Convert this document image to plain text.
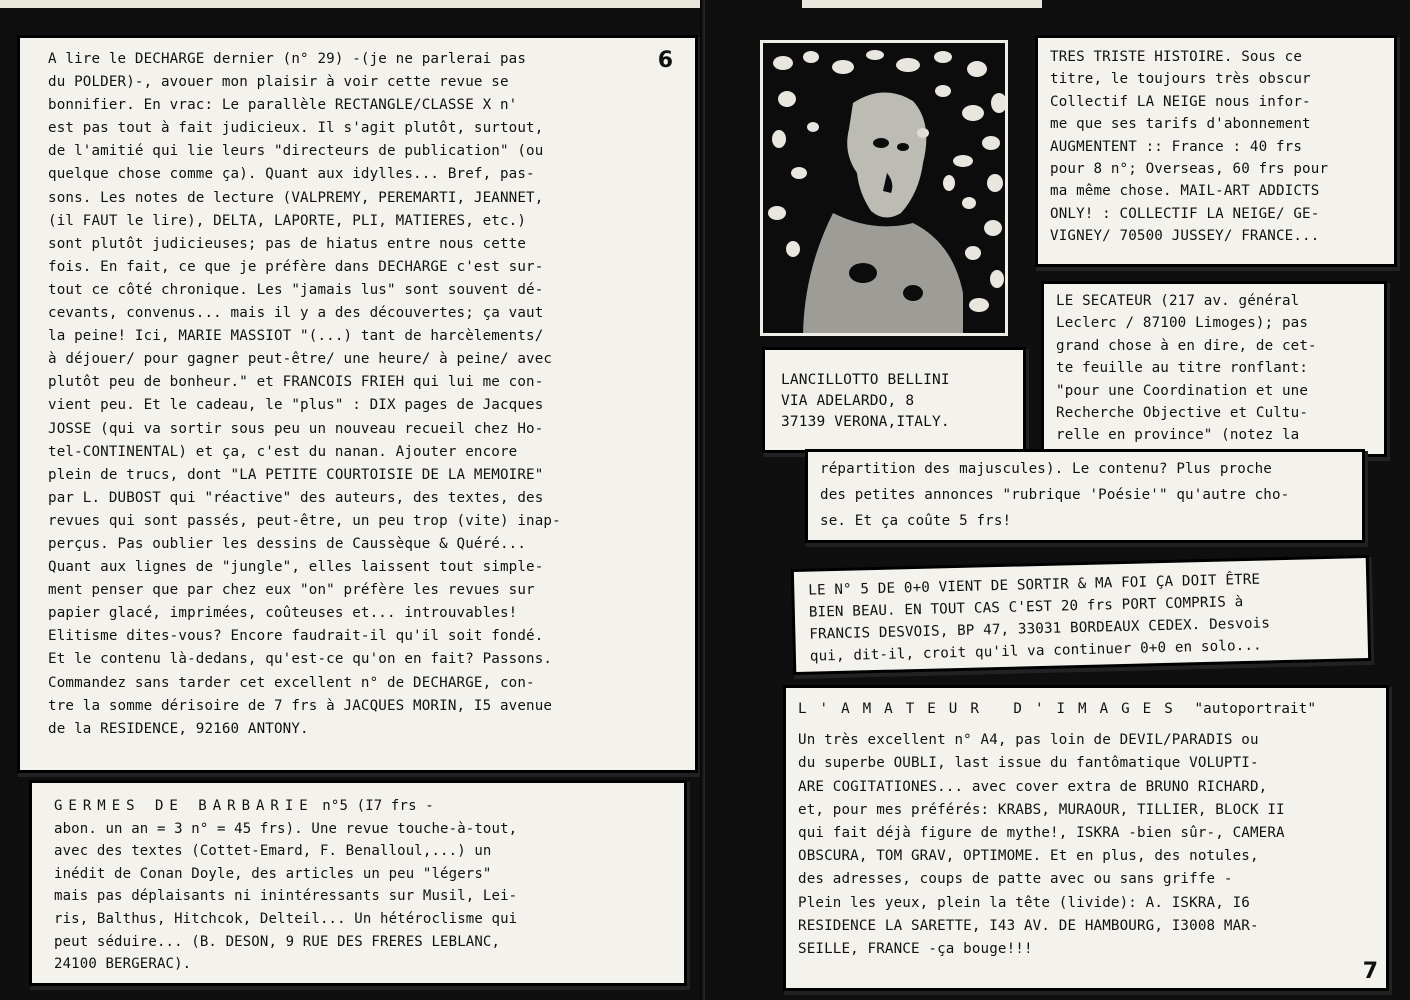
6
A lire le DECHARGE dernier (n° 29) -(je ne parlerai pas
du POLDER)-, avouer mon plaisir à voir cette revue se
bonnifier. En vrac: Le parallèle RECTANGLE/CLASSE X n'
est pas tout à fait judicieux. Il s'agit plutôt, surtout,
de l'amitié qui lie leurs "directeurs de publication" (ou
quelque chose comme ça). Quant aux idylles... Bref, pas-
sons. Les notes de lecture (VALPREMY, PEREMARTI, JEANNET,
(il FAUT le lire), DELTA, LAPORTE, PLI, MATIERES, etc.)
sont plutôt judicieuses; pas de hiatus entre nous cette
fois. En fait, ce que je préfère dans DECHARGE c'est sur-
tout ce côté chronique. Les "jamais lus" sont souvent dé-
cevants, convenus... mais il y a des découvertes; ça vaut
la peine! Ici, MARIE MASSIOT "(...) tant de harcèlements/
à déjouer/ pour gagner peut-être/ une heure/ à peine/ avec
plutôt peu de bonheur." et FRANCOIS FRIEH qui lui me con-
vient peu. Et le cadeau, le "plus" : DIX pages de Jacques
JOSSE (qui va sortir sous peu un nouveau recueil chez Ho-
tel-CONTINENTAL) et ça, c'est du nanan. Ajouter encore
plein de trucs, dont "LA PETITE COURTOISIE DE LA MEMOIRE"
par L. DUBOST qui "réactive" des auteurs, des textes, des
revues qui sont passés, peut-être, un peu trop (vite) inap-
perçus. Pas oublier les dessins de Caussèque & Quéré...
Quant aux lignes de "jungle", elles laissent tout simple-
ment penser que par chez eux "on" préfère les revues sur
papier glacé, imprimées, coûteuses et... introuvables!
Elitisme dites-vous? Encore faudrait-il qu'il soit fondé.
Et le contenu là-dedans, qu'est-ce qu'on en fait? Passons.
Commandez sans tarder cet excellent n° de DECHARGE, con-
tre la somme dérisoire de 7 frs à JACQUES MORIN, I5 avenue
de la RESIDENCE, 92160 ANTONY.
GERMES DE BARBARIE n°5 (I7 frs -
abon. un an = 3 n° = 45 frs). Une revue touche-à-tout,
avec des textes (Cottet-Emard, F. Benalloul,...) un
inédit de Conan Doyle, des articles un peu "légers"
mais pas déplaisants ni inintéressants sur Musil, Lei-
ris, Balthus, Hitchcok, Delteil... Un hétéroclisme qui
peut séduire... (B. DESON, 9 RUE DES FRERES LEBLANC,
24100 BERGERAC).
LANCILLOTTO BELLINI
VIA ADELARDO, 8
37139 VERONA,ITALY.
TRES TRISTE HISTOIRE. Sous ce
titre, le toujours très obscur
Collectif LA NEIGE nous infor-
me que ses tarifs d'abonnement
AUGMENTENT :: France : 40 frs
pour 8 n°; Overseas, 60 frs pour
ma même chose. MAIL-ART ADDICTS
ONLY! : COLLECTIF LA NEIGE/ GE-
VIGNEY/ 70500 JUSSEY/ FRANCE...
LE SECATEUR (217 av. général
Leclerc / 87100 Limoges); pas
grand chose à en dire, de cet-
te feuille au titre ronflant:
"pour une Coordination et une
Recherche Objective et Cultu-
relle en province" (notez la
répartition des majuscules). Le contenu? Plus proche
des petites annonces "rubrique 'Poésie'" qu'autre cho-
se. Et ça coûte 5 frs!
LE N° 5 DE 0+0 VIENT DE SORTIR & MA FOI ÇA DOIT ÊTRE
BIEN BEAU. EN TOUT CAS C'EST 20 frs PORT COMPRIS à
FRANCIS DESVOIS, BP 47, 33031 BORDEAUX CEDEX. Desvois
qui, dit-il, croit qu'il va continuer 0+0 en solo...
L'AMATEUR D'IMAGES "autoportrait"
Un très excellent n° A4, pas loin de DEVIL/PARADIS ou
du superbe OUBLI, last issue du fantômatique VOLUPTI-
ARE COGITATIONES... avec cover extra de BRUNO RICHARD,
et, pour mes préférés: KRABS, MURAOUR, TILLIER, BLOCK II
qui fait déjà figure de mythe!, ISKRA -bien sûr-, CAMERA
OBSCURA, TOM GRAV, OPTIMOME. Et en plus, des notules,
des adresses, coups de patte avec ou sans griffe -
Plein les yeux, plein la tête (livide): A. ISKRA, I6
RESIDENCE LA SARETTE, I43 AV. DE HAMBOURG, I3008 MAR-
SEILLE, FRANCE -ça bouge!!!
7
